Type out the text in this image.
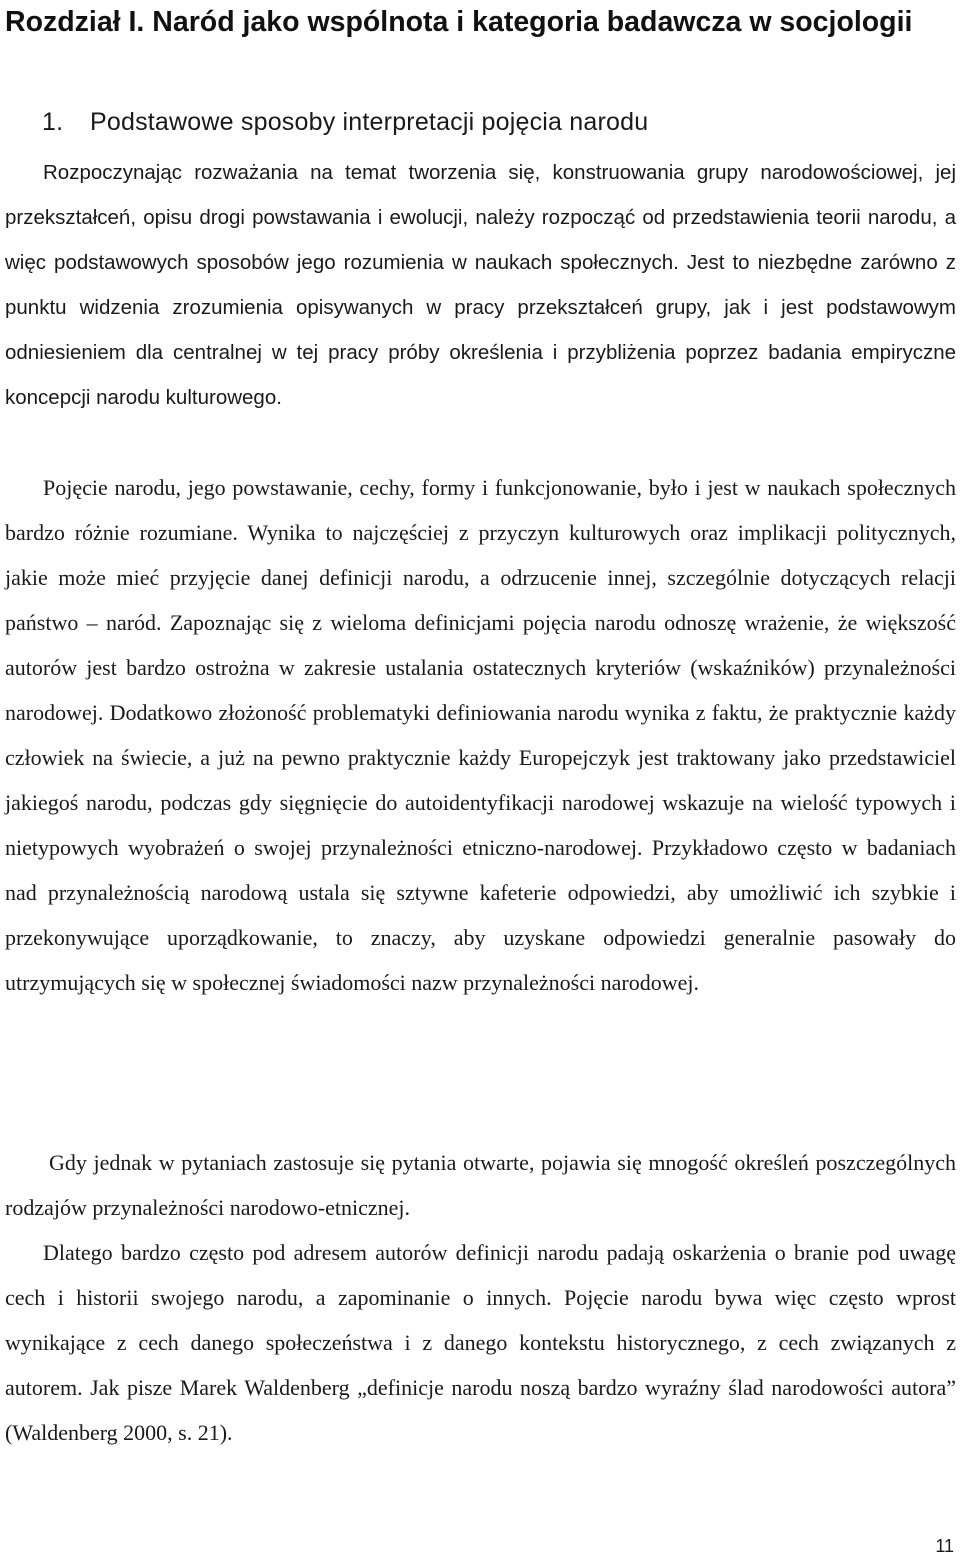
Rozdział I. Naród jako wspólnota i kategoria badawcza w socjologii
1. Podstawowe sposoby interpretacji pojęcia narodu

Rozpoczynając rozważania na temat tworzenia się, konstruowania grupy narodowościowej, jej przekształceń, opisu drogi powstawania i ewolucji, należy rozpocząć od przedstawienia teorii narodu, a więc podstawowych sposobów jego rozumienia w naukach społecznych. Jest to niezbędne zarówno z punktu widzenia zrozumienia opisywanych w pracy przekształceń grupy, jak i jest podstawowym odniesieniem dla centralnej w tej pracy próby określenia i przybliżenia poprzez badania empiryczne koncepcji narodu kulturowego.

Pojęcie narodu, jego powstawanie, cechy, formy i funkcjonowanie, było i jest w naukach społecznych bardzo różnie rozumiane. Wynika to najczęściej z przyczyn kulturowych oraz implikacji politycznych, jakie może mieć przyjęcie danej definicji narodu, a odrzucenie innej, szczególnie dotyczących relacji państwo – naród. Zapoznając się z wieloma definicjami pojęcia narodu odnoszę wrażenie, że większość autorów jest bardzo ostrożna w zakresie ustalania ostatecznych kryteriów (wskaźników) przynależności narodowej. Dodatkowo złożoność problematyki definiowania narodu wynika z faktu, że praktycznie każdy człowiek na świecie, a już na pewno praktycznie każdy Europejczyk jest traktowany jako przedstawiciel jakiegoś narodu, podczas gdy sięgnięcie do autoidentyfikacji narodowej wskazuje na wielość typowych i nietypowych wyobrażeń o swojej przynależności etniczno-narodowej. Przykładowo często w badaniach nad przynależnością narodową ustala się sztywne kafeterie odpowiedzi, aby umożliwić ich szybkie i przekonywujące uporządkowanie, to znaczy, aby uzyskane odpowiedzi generalnie pasowały do utrzymujących się w społecznej świadomości nazw przynależności narodowej.

Gdy jednak w pytaniach zastosuje się pytania otwarte, pojawia się mnogość określeń poszczególnych rodzajów przynależności narodowo-etnicznej.

Dlatego bardzo często pod adresem autorów definicji narodu padają oskarżenia o branie pod uwagę cech i historii swojego narodu, a zapominanie o innych. Pojęcie narodu bywa więc często wprost wynikające z cech danego społeczeństwa i z danego kontekstu historycznego, z cech związanych z autorem. Jak pisze Marek Waldenberg „definicje narodu noszą bardzo wyraźny ślad narodowości autora” (Waldenberg 2000, s. 21).

11
